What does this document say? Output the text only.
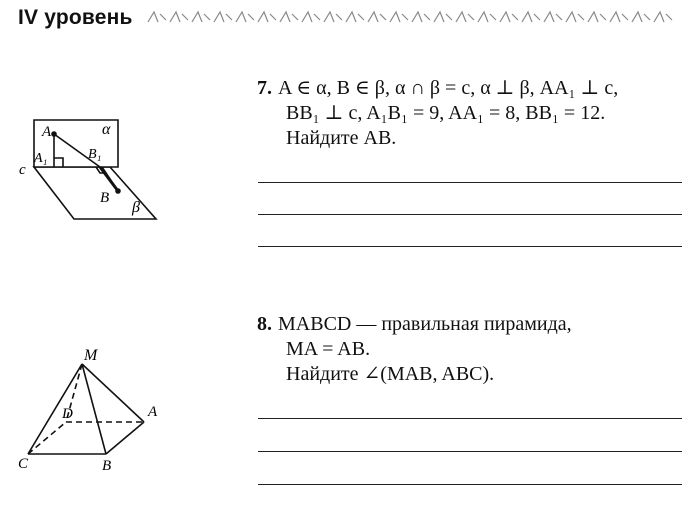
IV уровень
A
A₁	B₁
B
c
α
β
7. A ∈ α, B ∈ β, α ∩ β = c, α ⊥ β, AA₁ ⊥ c,
BB₁ ⊥ c, A₁B₁ = 9, AA₁ = 8, BB₁ = 12.
Найдите AB.
M
D	A
C	B
8. MABCD — правильная пирамида,
MA = AB.
Найдите ∠(MAB, ABC).
